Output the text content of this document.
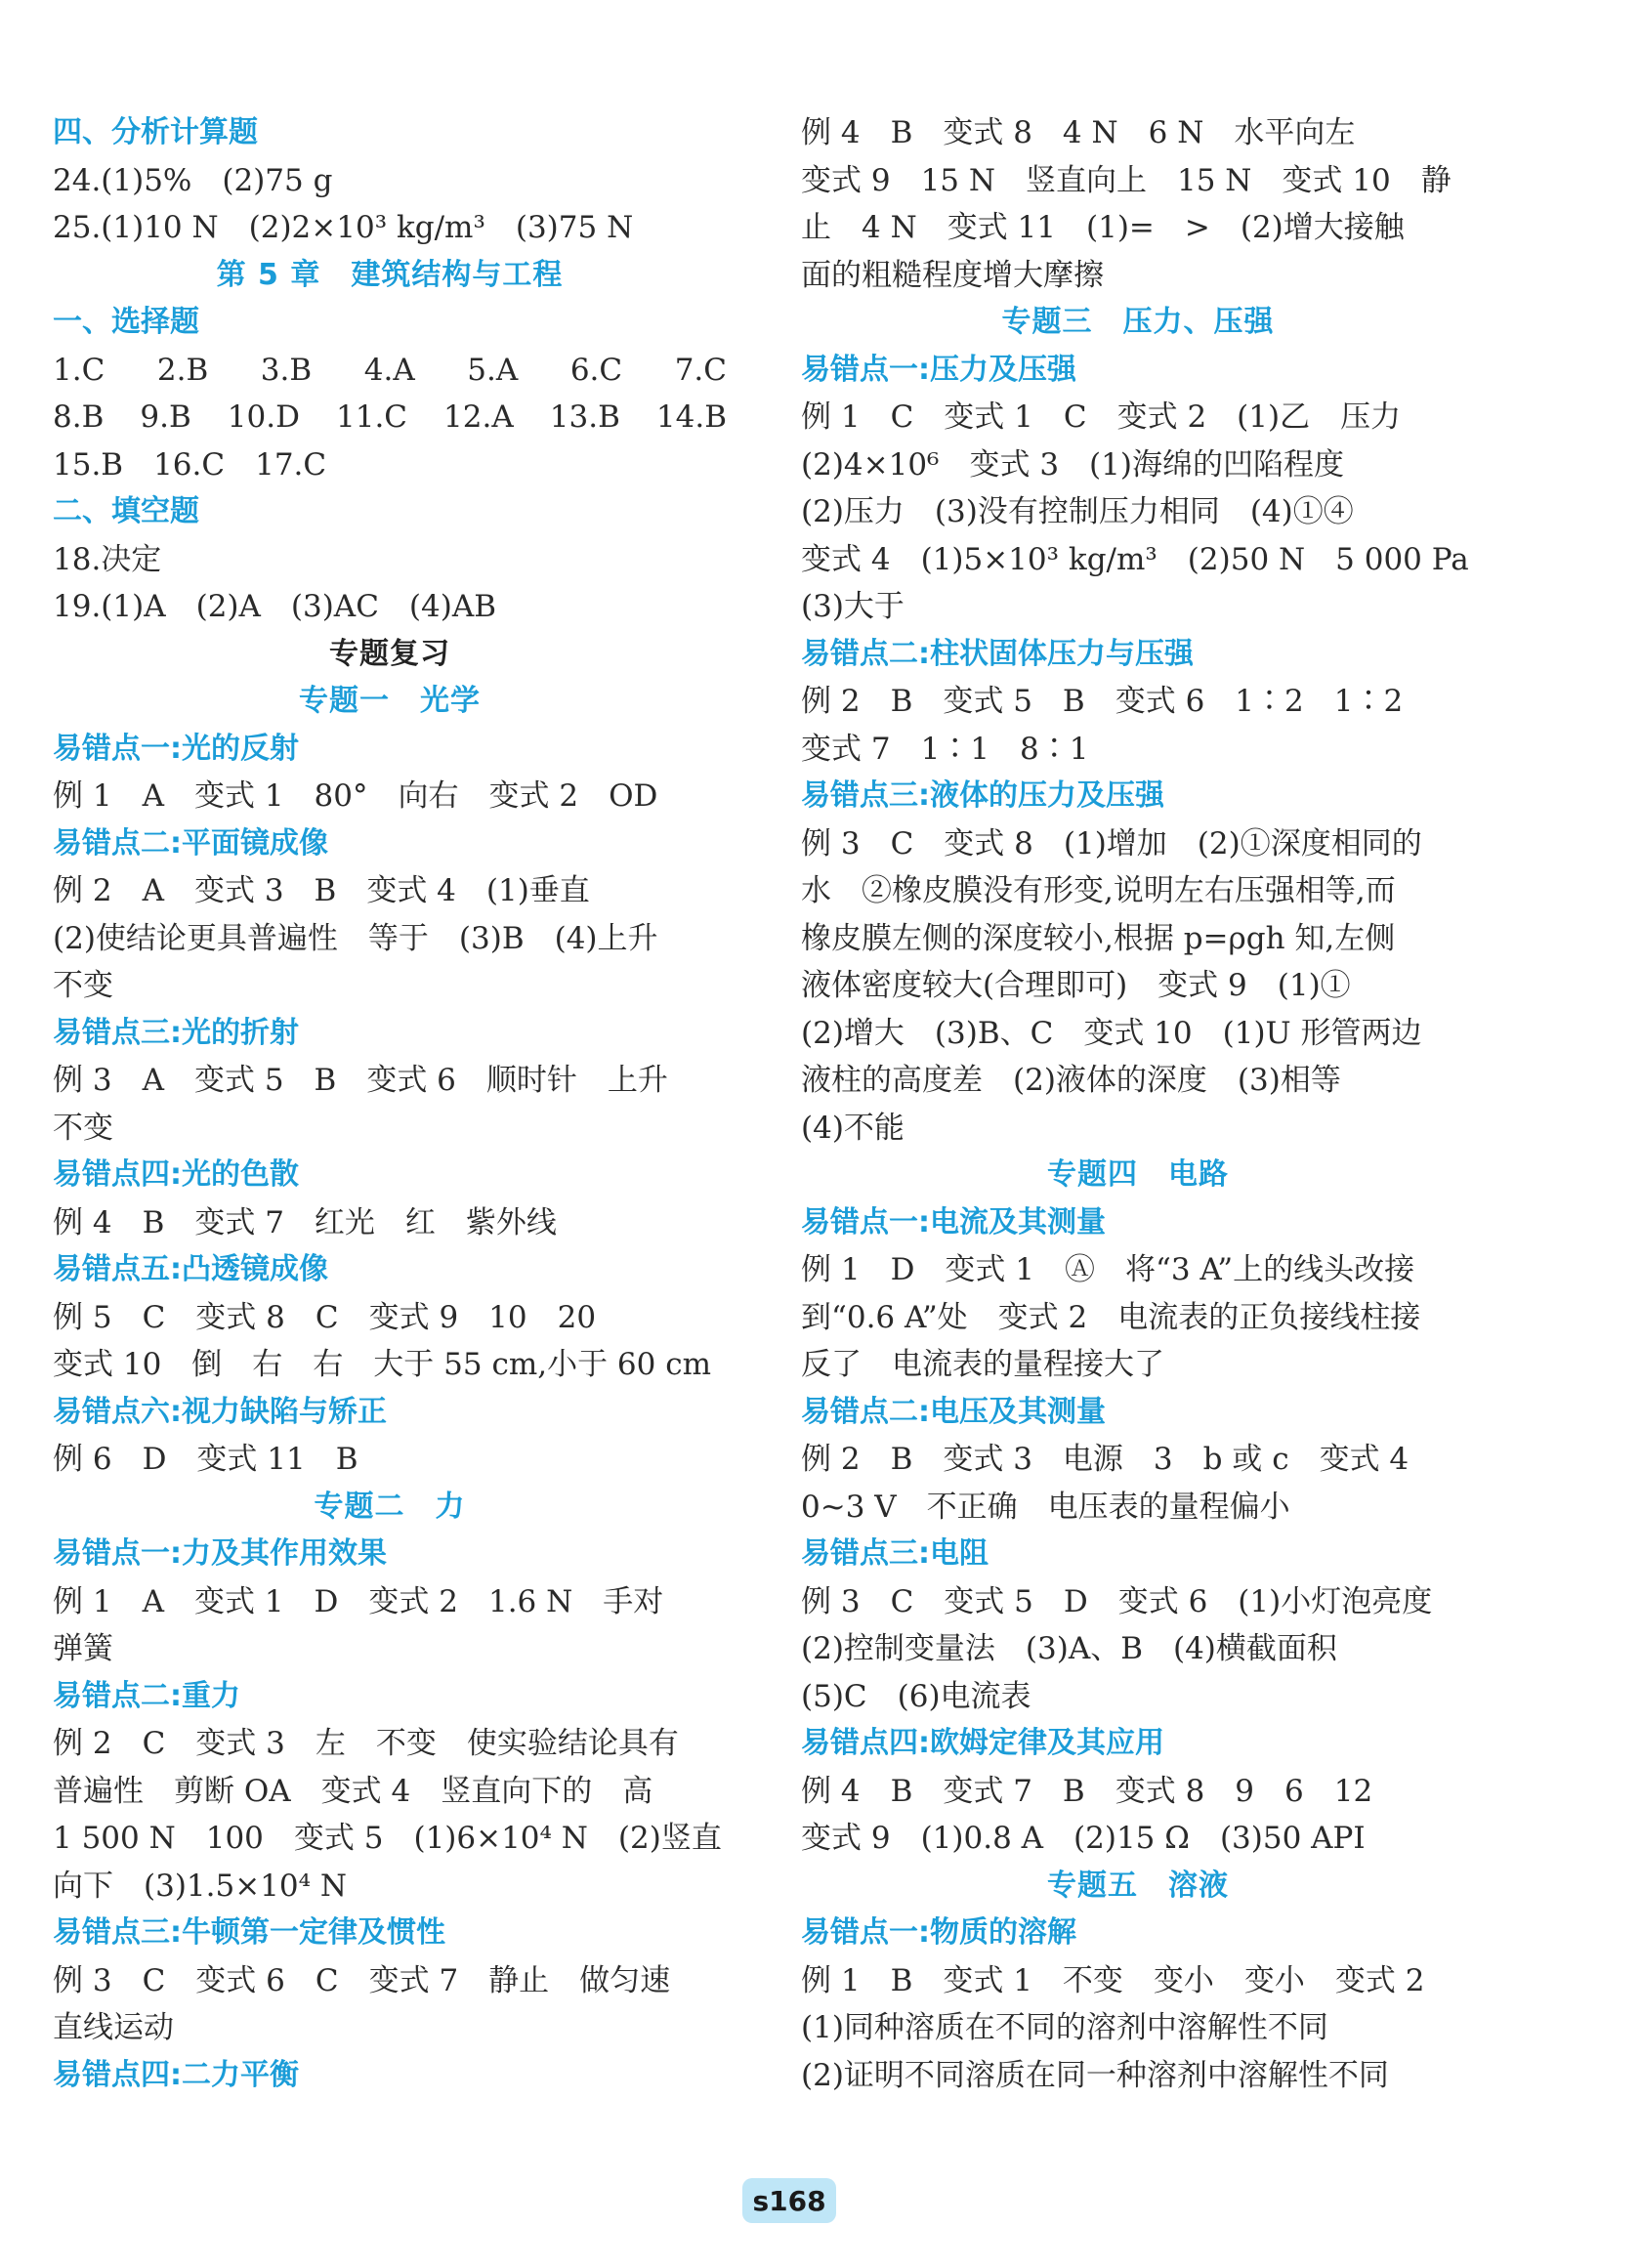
四、分析计算题
24.(1)5%　(2)75 g
25.(1)10 N　(2)2×10³ kg/m³　(3)75 N
第 5 章　建筑结构与工程
一、选择题
1.C　2.B　3.B　4.A　5.A　6.C　7.C
8.B　9.B　10.D　11.C　12.A　13.B　14.B
15.B　16.C　17.C
二、填空题
18.决定
19.(1)A　(2)A　(3)AC　(4)AB
专题复习
专题一　光学
易错点一:光的反射
例 1　A　变式 1　80°　向右　变式 2　OD
易错点二:平面镜成像
例 2　A　变式 3　B　变式 4　(1)垂直
(2)使结论更具普遍性　等于　(3)B　(4)上升
不变
易错点三:光的折射
例 3　A　变式 5　B　变式 6　顺时针　上升
不变
易错点四:光的色散
例 4　B　变式 7　红光　红　紫外线
易错点五:凸透镜成像
例 5　C　变式 8　C　变式 9　10　20
变式 10　倒　右　右　大于 55 cm,小于 60 cm
易错点六:视力缺陷与矫正
例 6　D　变式 11　B
专题二　力
易错点一:力及其作用效果
例 1　A　变式 1　D　变式 2　1.6 N　手对
弹簧
易错点二:重力
例 2　C　变式 3　左　不变　使实验结论具有
普遍性　剪断 OA　变式 4　竖直向下的　高
1 500 N　100　变式 5　(1)6×10⁴ N　(2)竖直
向下　(3)1.5×10⁴ N
易错点三:牛顿第一定律及惯性
例 3　C　变式 6　C　变式 7　静止　做匀速
直线运动
易错点四:二力平衡
例 4　B　变式 8　4 N　6 N　水平向左
变式 9　15 N　竖直向上　15 N　变式 10　静
止　4 N　变式 11　(1)=　>　(2)增大接触
面的粗糙程度增大摩擦
专题三　压力、压强
易错点一:压力及压强
例 1　C　变式 1　C　变式 2　(1)乙　压力
(2)4×10⁶　变式 3　(1)海绵的凹陷程度
(2)压力　(3)没有控制压力相同　(4)①④
变式 4　(1)5×10³ kg/m³　(2)50 N　5 000 Pa
(3)大于
易错点二:柱状固体压力与压强
例 2　B　变式 5　B　变式 6　1∶2　1∶2
变式 7　1∶1　8∶1
易错点三:液体的压力及压强
例 3　C　变式 8　(1)增加　(2)①深度相同的
水　②橡皮膜没有形变,说明左右压强相等,而
橡皮膜左侧的深度较小,根据 p=ρgh 知,左侧
液体密度较大(合理即可)　变式 9　(1)①
(2)增大　(3)B、C　变式 10　(1)U 形管两边
液柱的高度差　(2)液体的深度　(3)相等
(4)不能
专题四　电路
易错点一:电流及其测量
例 1　D　变式 1　Ⓐ　将“3 A”上的线头改接
到“0.6 A”处　变式 2　电流表的正负接线柱接
反了　电流表的量程接大了
易错点二:电压及其测量
例 2　B　变式 3　电源　3　b 或 c　变式 4
0~3 V　不正确　电压表的量程偏小
易错点三:电阻
例 3　C　变式 5　D　变式 6　(1)小灯泡亮度
(2)控制变量法　(3)A、B　(4)横截面积
(5)C　(6)电流表
易错点四:欧姆定律及其应用
例 4　B　变式 7　B　变式 8　9　6　12
变式 9　(1)0.8 A　(2)15 Ω　(3)50 API
专题五　溶液
易错点一:物质的溶解
例 1　B　变式 1　不变　变小　变小　变式 2
(1)同种溶质在不同的溶剂中溶解性不同
(2)证明不同溶质在同一种溶剂中溶解性不同
s168
